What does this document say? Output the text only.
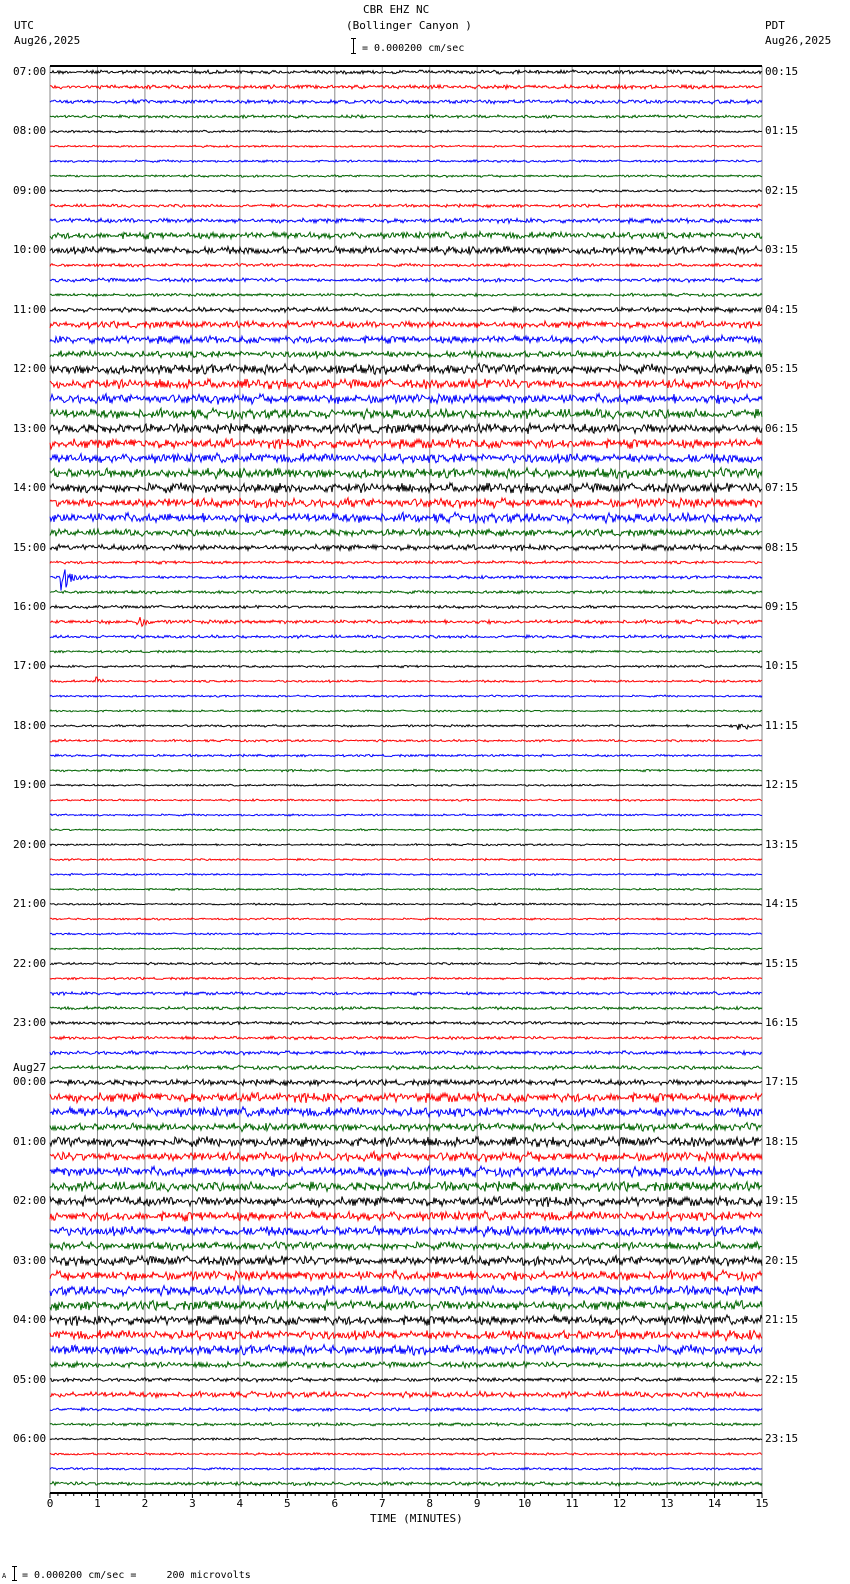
CBR EHZ NC
(Bollinger Canyon )
UTC
Aug26,2025
PDT
Aug26,2025
= 0.000200 cm/sec
0	1	2	3	4	5	6	7	8	9	10	11	12	13	14	15
TIME (MINUTES)
A = 0.000200 cm/sec =     200 microvolts
07:00
08:00
09:00
10:00
11:00
12:00
13:00
14:00
15:00
16:00
17:00
18:00
19:00
20:00
21:00
22:00
23:00
00:00
Aug27
01:00
02:00
03:00
04:00
05:00
06:00
00:15
01:15
02:15
03:15
04:15
05:15
06:15
07:15
08:15
09:15
10:15
11:15
12:15
13:15
14:15
15:15
16:15
17:15
18:15
19:15
20:15
21:15
22:15
23:15
